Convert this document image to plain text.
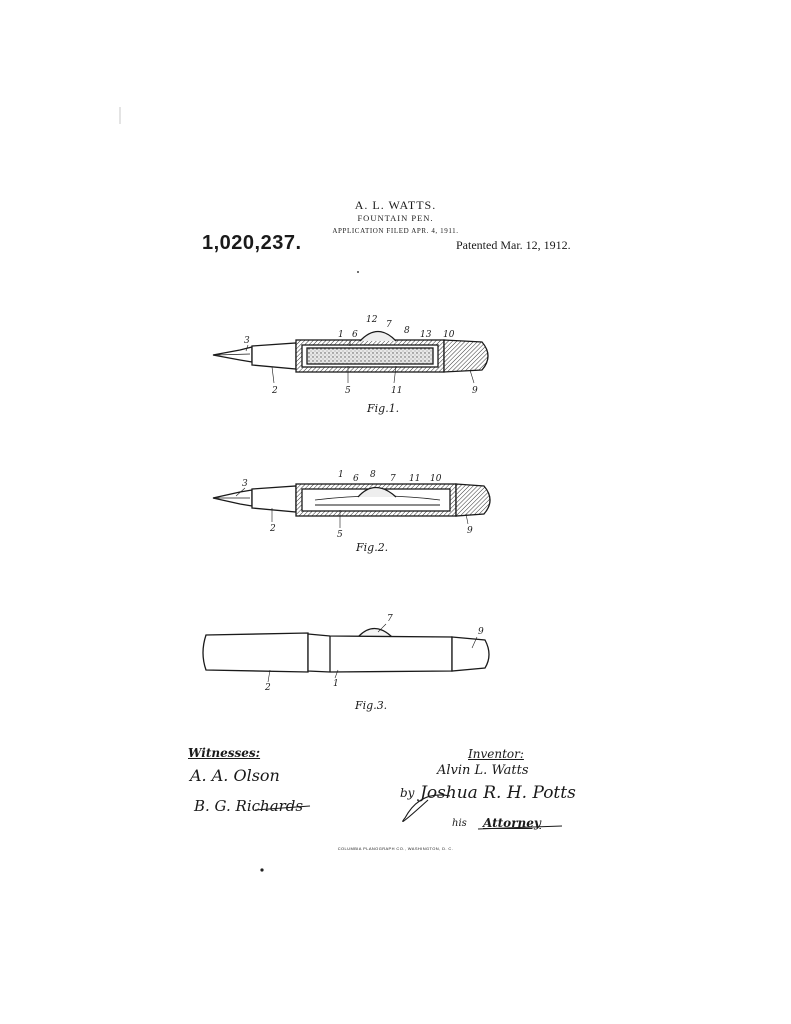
A. L. WATTS.
FOUNTAIN PEN.
APPLICATION FILED APR. 4, 1911.
1,020,237.	Patented Mar. 12, 1912.
3
1 6
12 7
8 13 10
2	5	11	9
Fig.1.
3
1 6 8 7 11 10
2
5	9
Fig.2.
7
9
2	1
Fig.3.
Witnesses:
A. A. Olson
B. G. Richards
Inventor:
Alvin L. Watts
by Joshua R. H. Potts
his Attorney
COLUMBIA PLANOGRAPH CO., WASHINGTON, D. C.
